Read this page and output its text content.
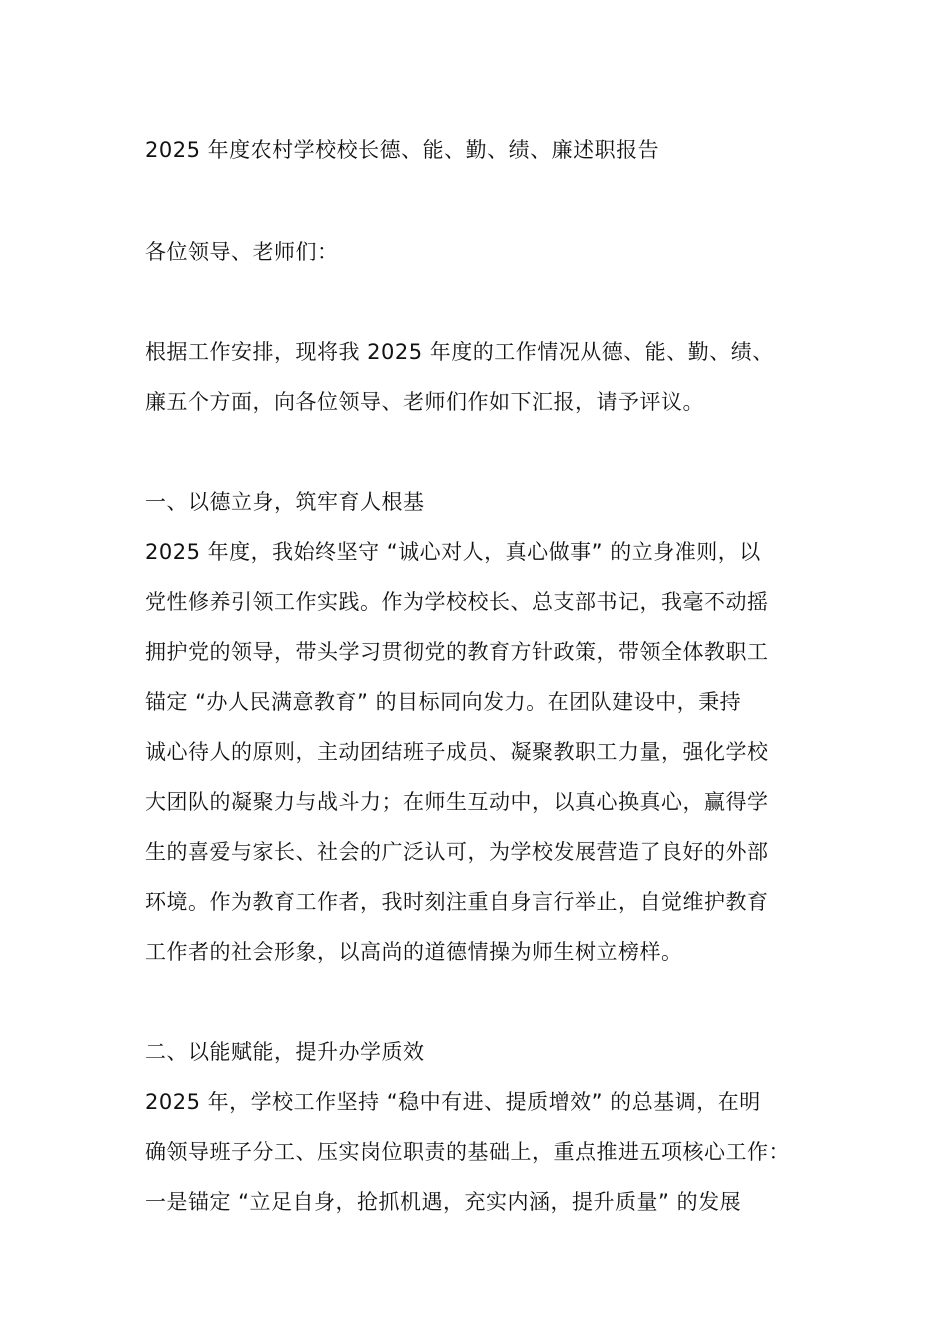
2025 年度农村学校校长德、能、勤、绩、廉述职报告
各位领导、老师们：
根据工作安排，现将我 2025 年度的工作情况从德、能、勤、绩、
廉五个方面，向各位领导、老师们作如下汇报，请予评议。
一、以德立身，筑牢育人根基
2025 年度，我始终坚守 “诚心对人，真心做事” 的立身准则，以
党性修养引领工作实践。作为学校校长、总支部书记，我毫不动摇
拥护党的领导，带头学习贯彻党的教育方针政策，带领全体教职工
锚定 “办人民满意教育” 的目标同向发力。在团队建设中，秉持
诚心待人的原则，主动团结班子成员、凝聚教职工力量，强化学校
大团队的凝聚力与战斗力；在师生互动中，以真心换真心，赢得学
生的喜爱与家长、社会的广泛认可，为学校发展营造了良好的外部
环境。作为教育工作者，我时刻注重自身言行举止，自觉维护教育
工作者的社会形象，以高尚的道德情操为师生树立榜样。
二、以能赋能，提升办学质效
2025 年，学校工作坚持 “稳中有进、提质增效” 的总基调，在明
确领导班子分工、压实岗位职责的基础上，重点推进五项核心工作：
一是锚定 “立足自身，抢抓机遇，充实内涵，提升质量” 的发展
